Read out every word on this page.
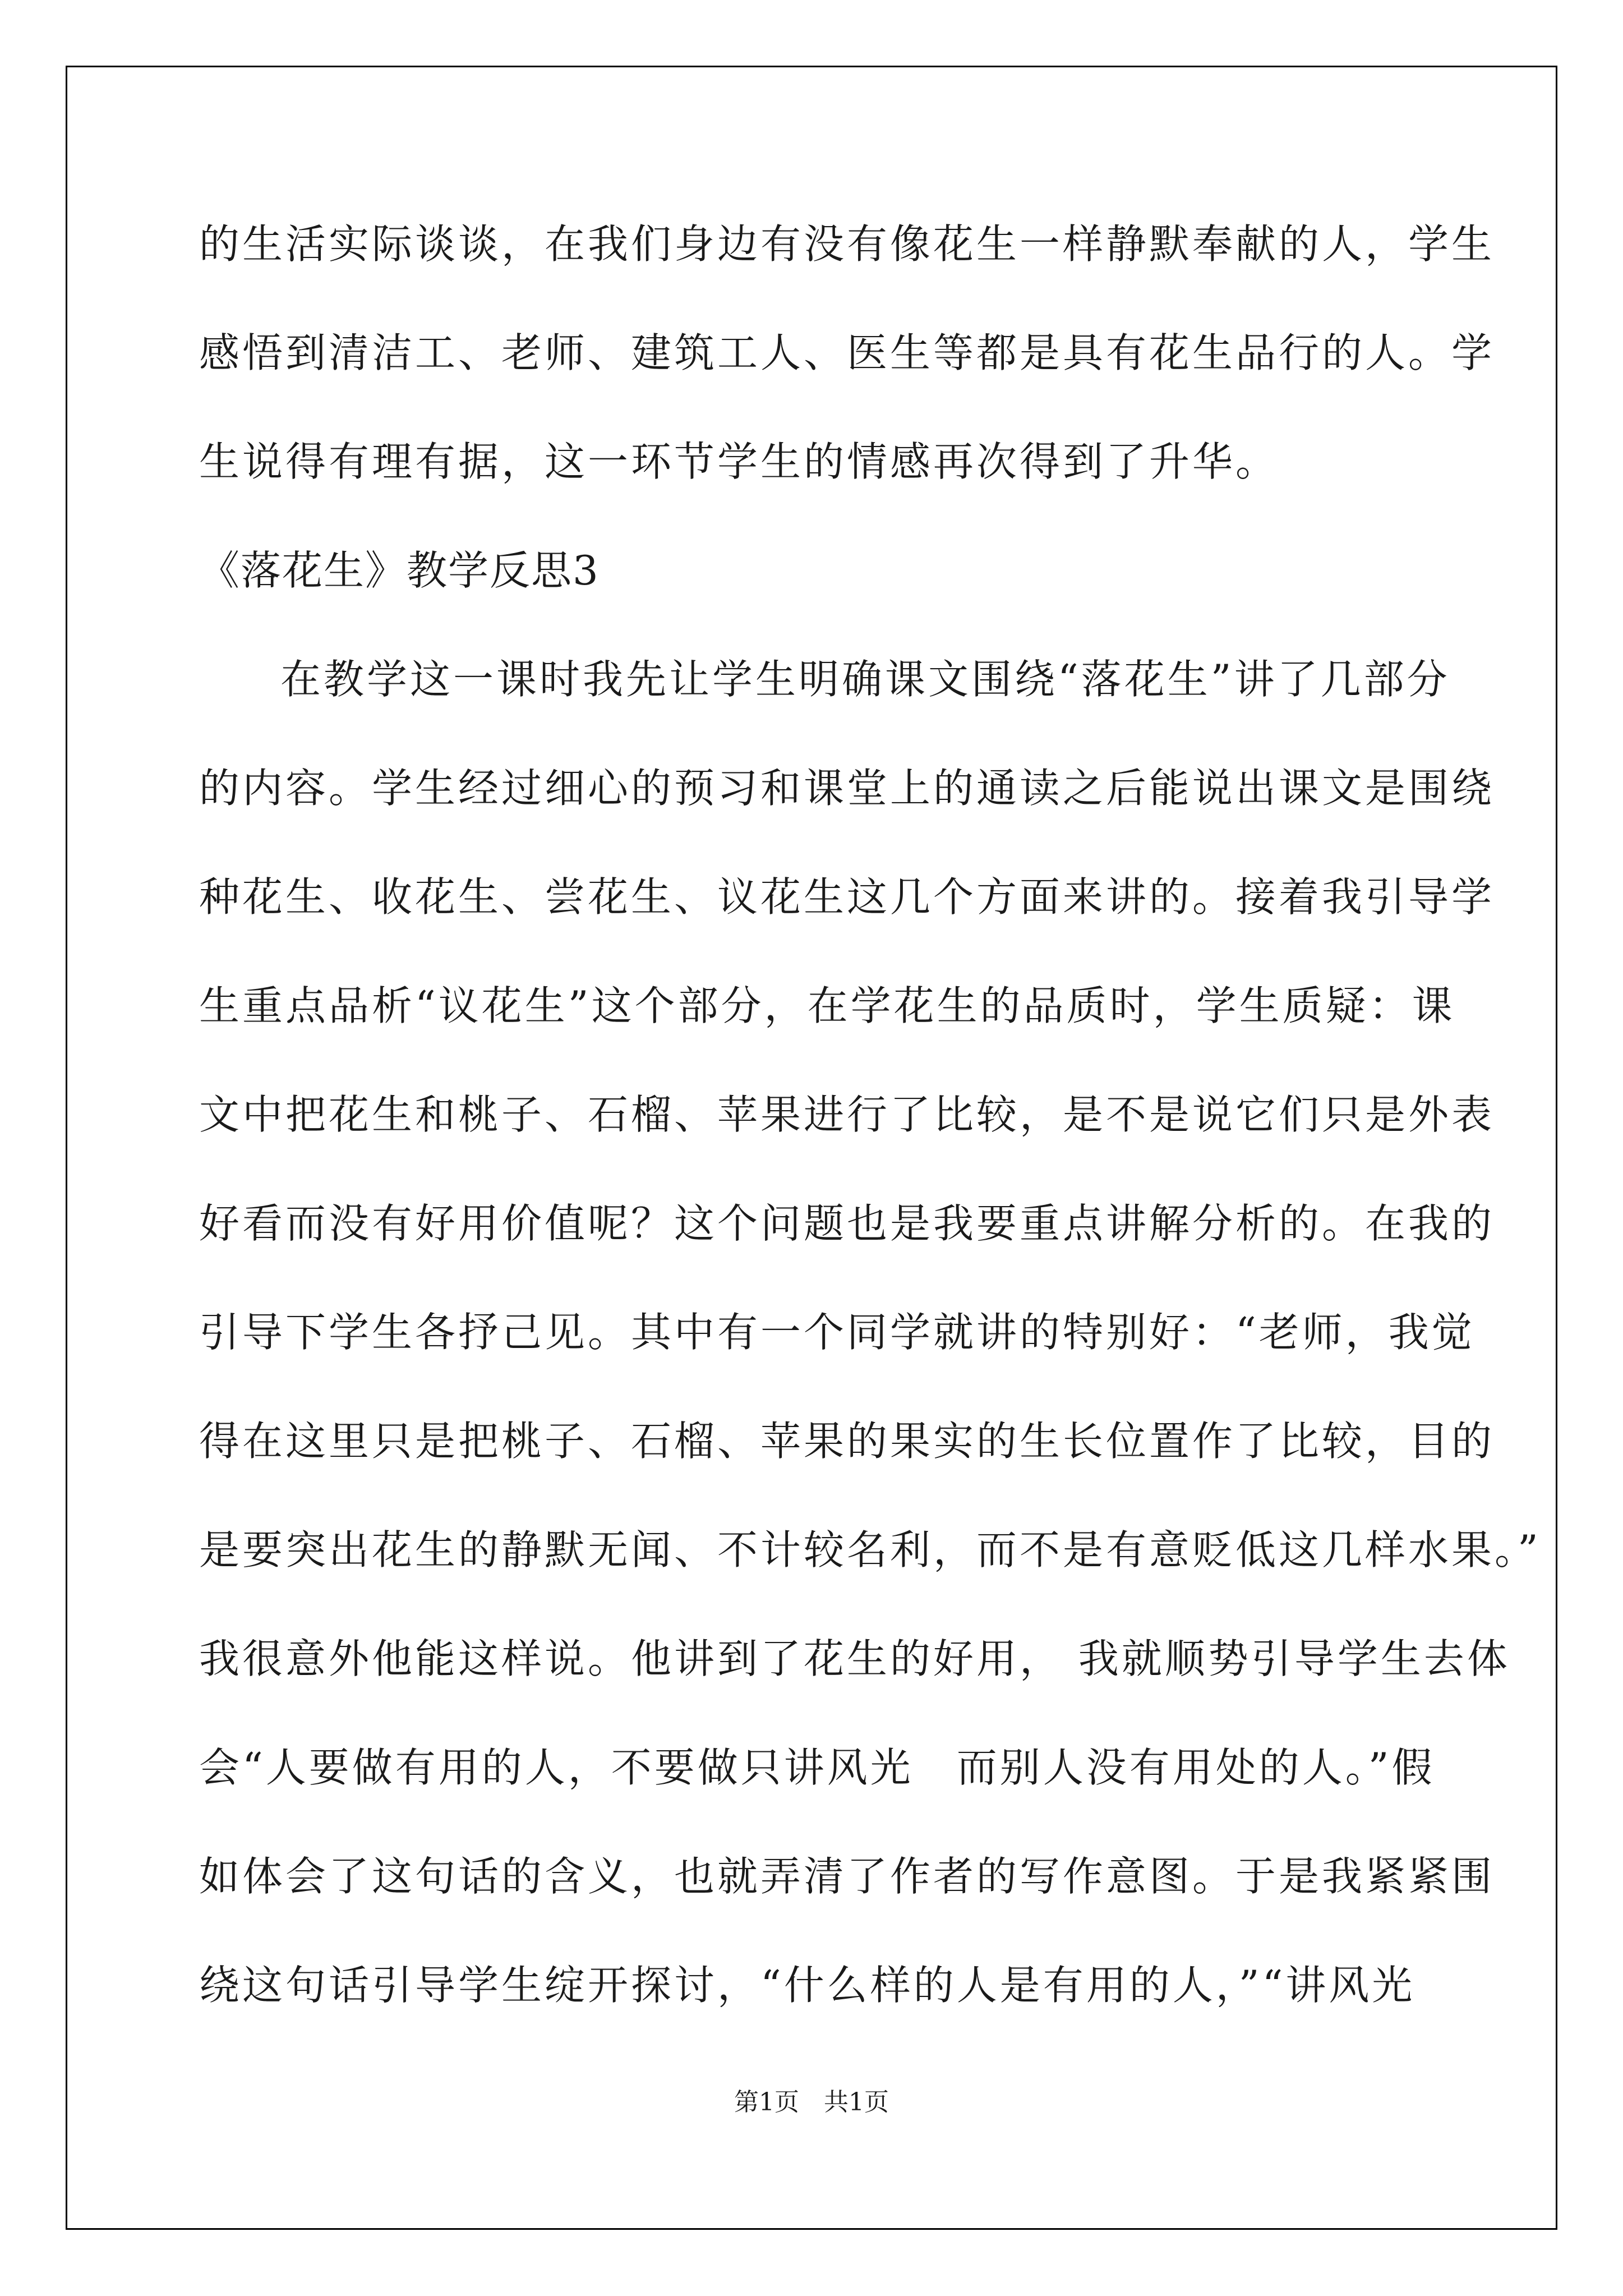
的生活实际谈谈，在我们身边有没有像花生一样静默奉献的人，学生
感悟到清洁工、老师、建筑工人、医生等都是具有花生品行的人。学
生说得有理有据，这一环节学生的情感再次得到了升华。
《落花生》教学反思3
在教学这一课时我先让学生明确课文围绕“落花生”讲了几部分
的内容。学生经过细心的预习和课堂上的通读之后能说出课文是围绕
种花生、收花生、尝花生、议花生这几个方面来讲的。接着我引导学
生重点品析“议花生”这个部分，在学花生的品质时，学生质疑：课
文中把花生和桃子、石榴、苹果进行了比较，是不是说它们只是外表
好看而没有好用价值呢？这个问题也是我要重点讲解分析的。在我的
引导下学生各抒己见。其中有一个同学就讲的特别好：“老师，我觉
得在这里只是把桃子、石榴、苹果的果实的生长位置作了比较，目的
是要突出花生的静默无闻、不计较名利，而不是有意贬低这几样水果。”
我很意外他能这样说。他讲到了花生的好用， 我就顺势引导学生去体
会“人要做有用的人，不要做只讲风光　而别人没有用处的人。”假
如体会了这句话的含义，也就弄清了作者的写作意图。于是我紧紧围
绕这句话引导学生绽开探讨，“什么样的人是有用的人，”“讲风光
第1页　共1页
